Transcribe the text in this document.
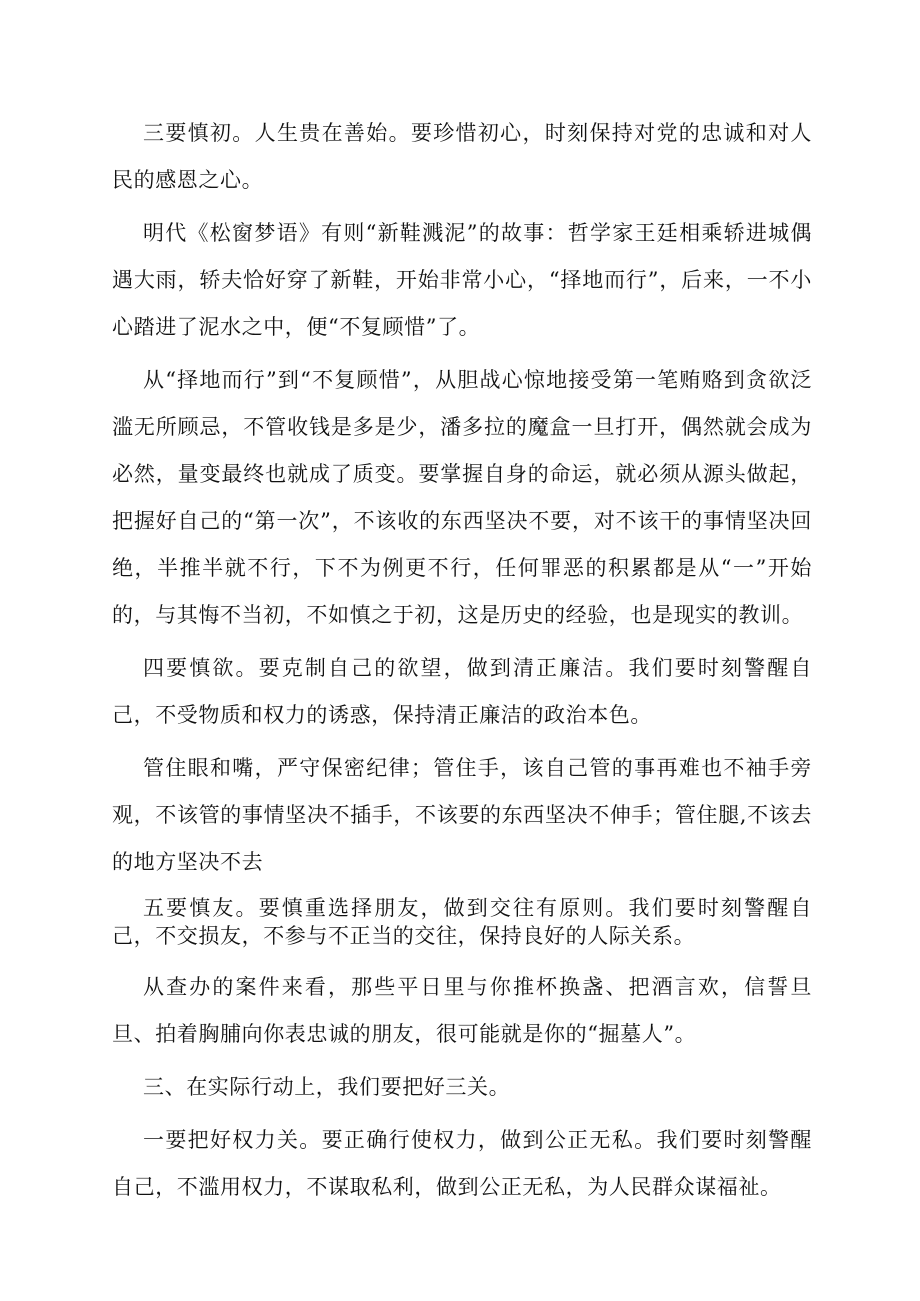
三要慎初。人生贵在善始。要珍惜初心，时刻保持对党的忠诚和对人民的感恩之心。

明代《松窗梦语》有则“新鞋溅泥”的故事：哲学家王廷相乘轿进城偶遇大雨，轿夫恰好穿了新鞋，开始非常小心，“择地而行”，后来，一不小心踏进了泥水之中，便“不复顾惜”了。

从“择地而行”到“不复顾惜”，从胆战心惊地接受第一笔贿赂到贪欲泛滥无所顾忌，不管收钱是多是少，潘多拉的魔盒一旦打开，偶然就会成为必然，量变最终也就成了质变。要掌握自身的命运，就必须从源头做起，把握好自己的“第一次”，不该收的东西坚决不要，对不该干的事情坚决回绝，半推半就不行，下不为例更不行，任何罪恶的积累都是从“一”开始的，与其悔不当初，不如慎之于初，这是历史的经验，也是现实的教训。

四要慎欲。要克制自己的欲望，做到清正廉洁。我们要时刻警醒自己，不受物质和权力的诱惑，保持清正廉洁的政治本色。

管住眼和嘴，严守保密纪律；管住手，该自己管的事再难也不袖手旁观，不该管的事情坚决不插手，不该要的东西坚决不伸手；管住腿,不该去的地方坚决不去

五要慎友。要慎重选择朋友，做到交往有原则。我们要时刻警醒自己，不交损友，不参与不正当的交往，保持良好的人际关系。

从查办的案件来看，那些平日里与你推杯换盏、把酒言欢，信誓旦旦、拍着胸脯向你表忠诚的朋友，很可能就是你的“掘墓人”。

三、在实际行动上，我们要把好三关。

一要把好权力关。要正确行使权力，做到公正无私。我们要时刻警醒自己，不滥用权力，不谋取私利，做到公正无私，为人民群众谋福祉。
